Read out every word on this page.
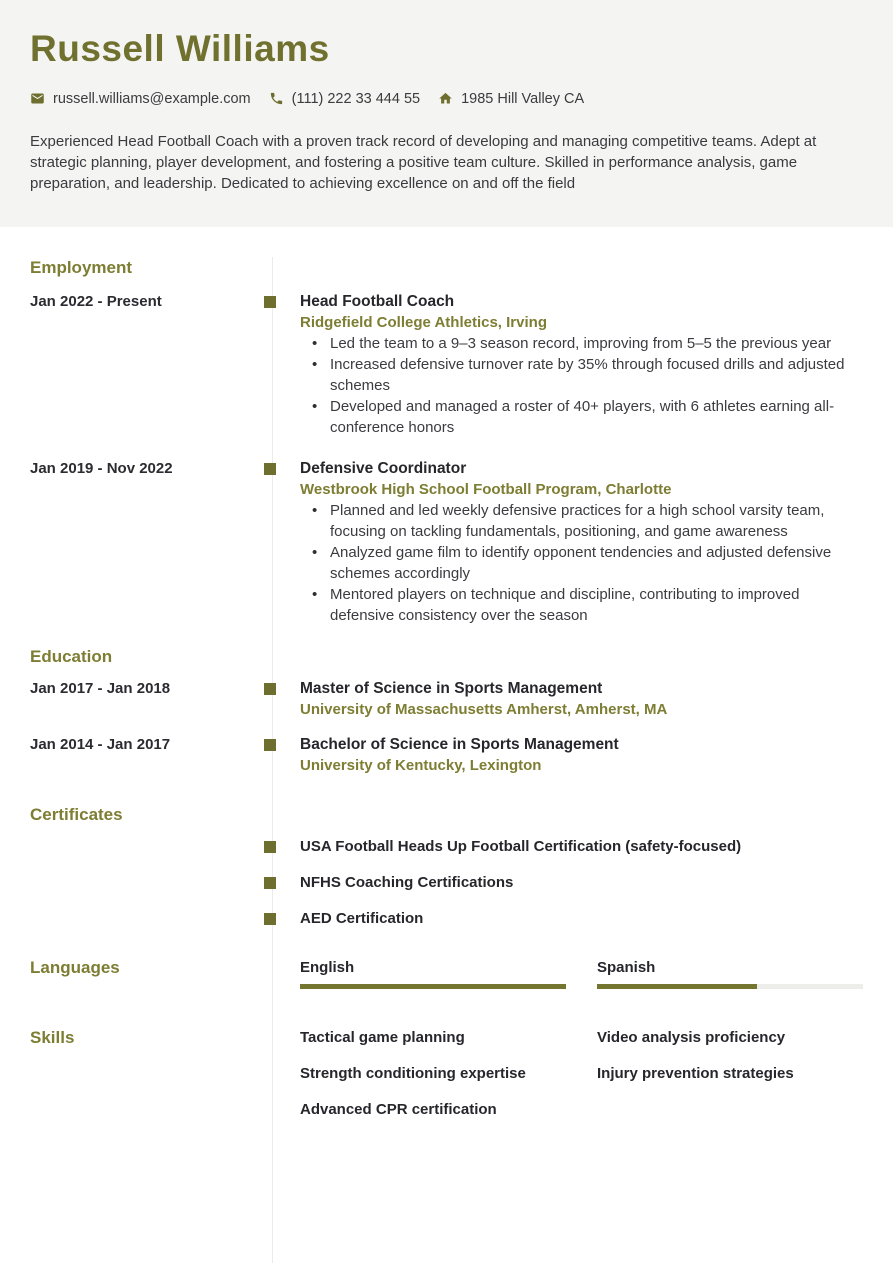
Russell Williams
russell.williams@example.com	(111) 222 33 444 55	1985 Hill Valley CA
Experienced Head Football Coach with a proven track record of developing and managing competitive teams. Adept at strategic planning, player development, and fostering a positive team culture. Skilled in performance analysis, game preparation, and leadership. Dedicated to achieving excellence on and off the field
Employment
Jan 2022 - Present	Head Football Coach
Ridgefield College Athletics, Irving
• Led the team to a 9–3 season record, improving from 5–5 the previous year
• Increased defensive turnover rate by 35% through focused drills and adjusted schemes
• Developed and managed a roster of 40+ players, with 6 athletes earning all-conference honors
Jan 2019 - Nov 2022	Defensive Coordinator
Westbrook High School Football Program, Charlotte
• Planned and led weekly defensive practices for a high school varsity team, focusing on tackling fundamentals, positioning, and game awareness
• Analyzed game film to identify opponent tendencies and adjusted defensive schemes accordingly
• Mentored players on technique and discipline, contributing to improved defensive consistency over the season
Education
Jan 2017 - Jan 2018	Master of Science in Sports Management
University of Massachusetts Amherst, Amherst, MA
Jan 2014 - Jan 2017	Bachelor of Science in Sports Management
University of Kentucky, Lexington
Certificates
USA Football Heads Up Football Certification (safety-focused)
NFHS Coaching Certifications
AED Certification
Languages	English	Spanish
Skills	Tactical game planning	Video analysis proficiency
Strength conditioning expertise	Injury prevention strategies
Advanced CPR certification
